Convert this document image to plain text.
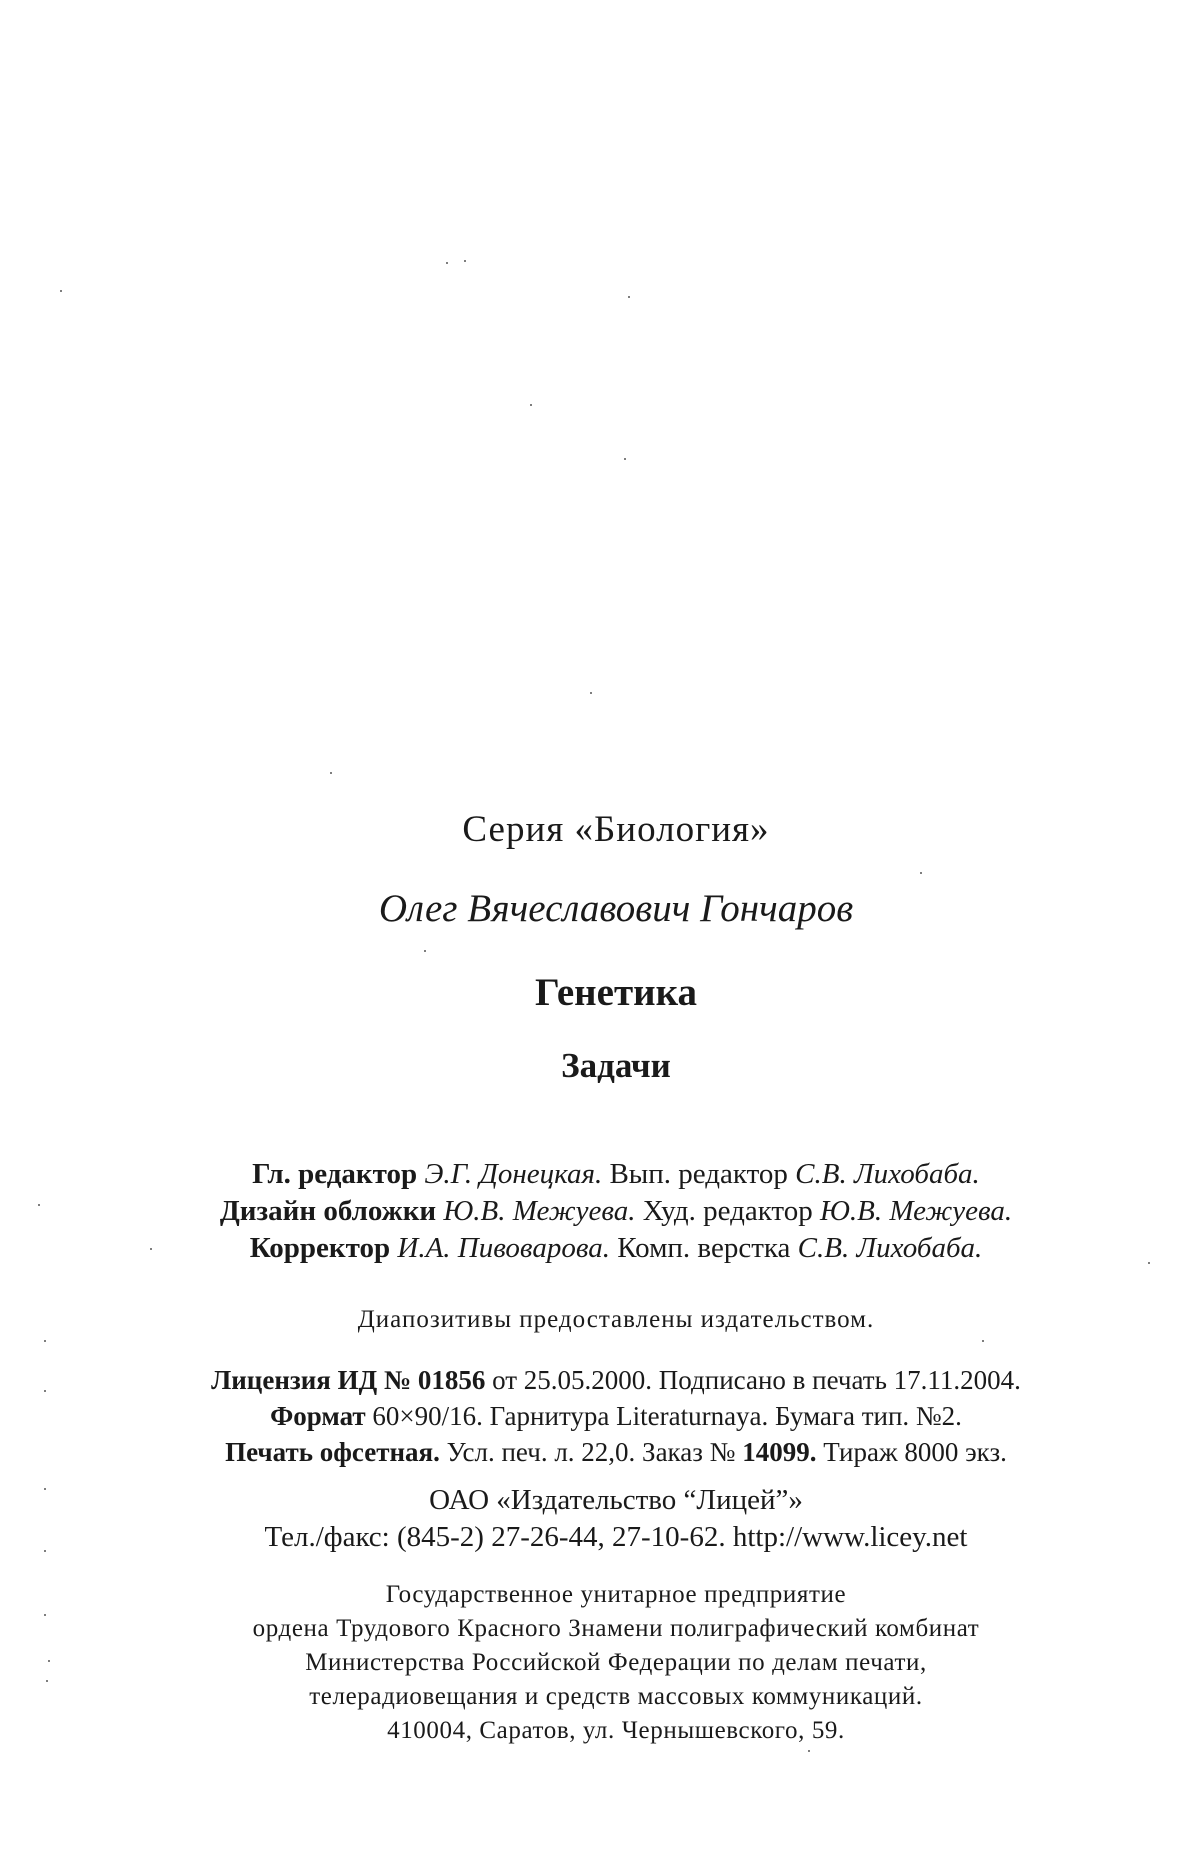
Серия «Биология»
Олег Вячеславович Гончаров
Генетика
Задачи
Гл. редактор Э.Г. Донецкая. Вып. редактор С.В. Лихобаба.
Дизайн обложки Ю.В. Межуева. Худ. редактор Ю.В. Межуева.
Корректор И.А. Пивоварова. Комп. верстка С.В. Лихобаба.
Диапозитивы предоставлены издательством.
Лицензия ИД № 01856 от 25.05.2000. Подписано в печать 17.11.2004.
Формат 60×90/16. Гарнитура Literaturnaya. Бумага тип. №2.
Печать офсетная. Усл. печ. л. 22,0. Заказ № 14099. Тираж 8000 экз.
ОАО «Издательство “Лицей”»
Тел./факс: (845-2) 27-26-44, 27-10-62. http://www.licey.net
Государственное унитарное предприятие
ордена Трудового Красного Знамени полиграфический комбинат
Министерства Российской Федерации по делам печати,
телерадиовещания и средств массовых коммуникаций.
410004, Саратов, ул. Чернышевского, 59.
